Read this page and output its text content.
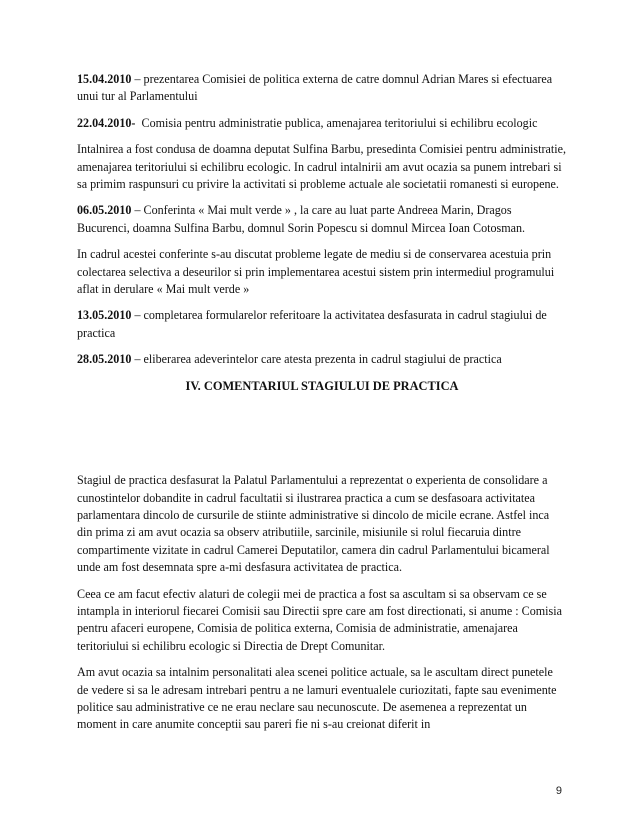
15.04.2010 – prezentarea Comisiei de politica externa de catre domnul Adrian Mares si efectuarea unui tur al Parlamentului

22.04.2010-  Comisia pentru administratie publica, amenajarea teritoriului si echilibru ecologic

Intalnirea a fost condusa de doamna deputat Sulfina Barbu, presedinta Comisiei pentru administratie, amenajarea teritoriului si echilibru ecologic. In cadrul intalnirii am avut ocazia sa punem intrebari si sa primim raspunsuri cu privire la activitati si probleme actuale ale societatii romanesti si europene.

06.05.2010 – Conferinta « Mai mult verde » , la care au luat parte Andreea Marin, Dragos Bucurenci, doamna Sulfina Barbu, domnul Sorin Popescu si domnul Mircea Ioan Cotosman.

In cadrul acestei conferinte s-au discutat probleme legate de mediu si de conservarea acestuia prin colectarea selectiva a deseurilor si prin implementarea acestui sistem prin intermediul programului aflat in derulare « Mai mult verde »

13.05.2010 – completarea formularelor referitoare la activitatea desfasurata in cadrul stagiului de practica

28.05.2010 – eliberarea adeverintelor care atesta prezenta in cadrul stagiului de practica

IV. COMENTARIUL STAGIULUI DE PRACTICA

Stagiul de practica desfasurat la Palatul Parlamentului a reprezentat o experienta de consolidare a cunostintelor dobandite in cadrul facultatii si ilustrarea practica a cum se desfasoara activitatea parlamentara dincolo de cursurile de stiinte administrative si dincolo de micile ecrane. Astfel inca din prima zi am avut ocazia sa observ atributiile, sarcinile, misiunile si rolul fiecaruia dintre compartimente vizitate in cadrul Camerei Deputatilor, camera din cadrul Parlamentului bicameral unde am fost desemnata spre a-mi desfasura activitatea de practica.

Ceea ce am facut efectiv alaturi de colegii mei de practica a fost sa ascultam si sa observam ce se intampla in interiorul fiecarei Comisii sau Directii spre care am fost directionati, si anume : Comisia pentru afaceri europene, Comisia de politica externa, Comisia de administratie, amenajarea teritoriului si echilibru ecologic si Directia de Drept Comunitar.

Am avut ocazia sa intalnim personalitati alea scenei politice actuale, sa le ascultam direct punetele de vedere si sa le adresam intrebari pentru a ne lamuri eventualele curiozitati, fapte sau evenimente politice sau administrative ce ne erau neclare sau necunoscute. De asemenea a reprezentat un moment in care anumite conceptii sau pareri fie ni s-au creionat diferit in

9
